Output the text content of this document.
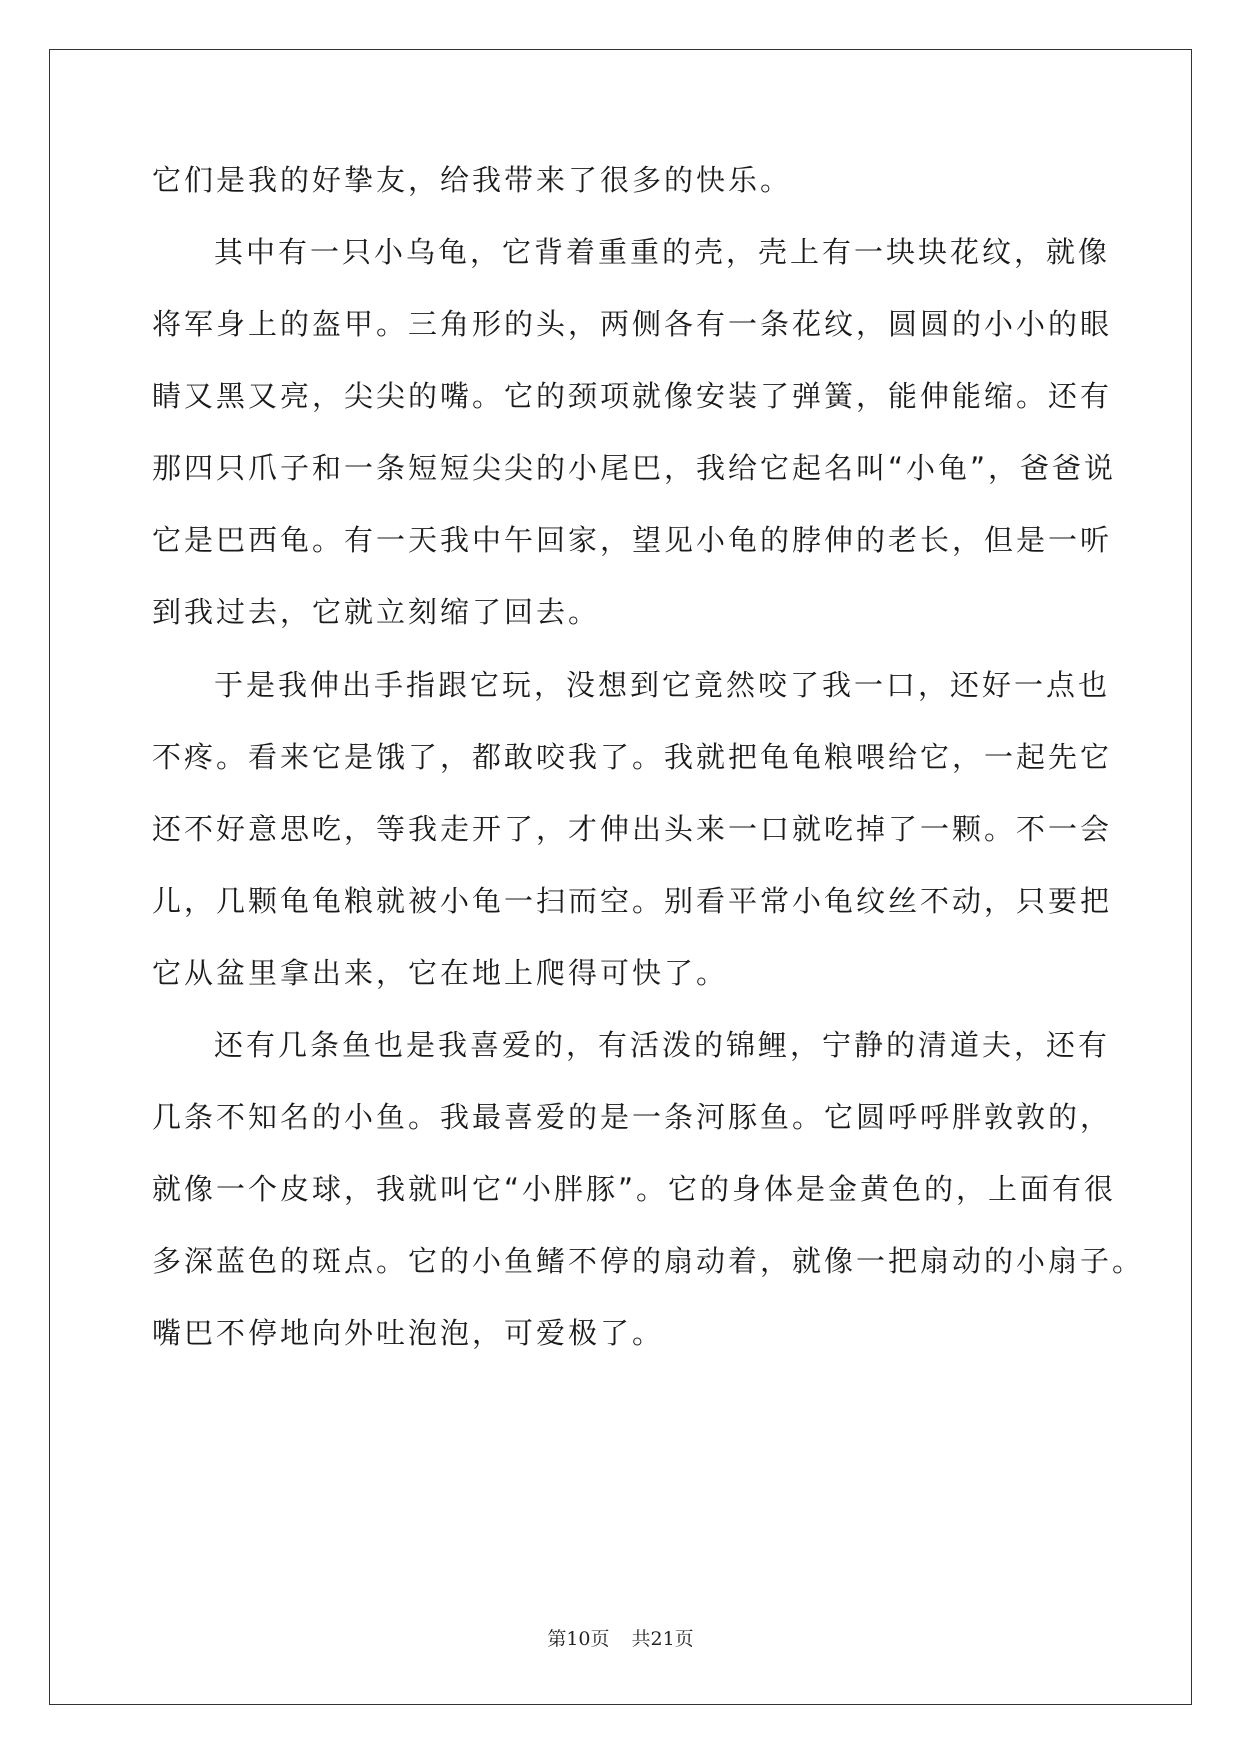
它们是我的好挚友，给我带来了很多的快乐。
其中有一只小乌龟，它背着重重的壳，壳上有一块块花纹，就像
将军身上的盔甲。三角形的头，两侧各有一条花纹，圆圆的小小的眼
睛又黑又亮，尖尖的嘴。它的颈项就像安装了弹簧，能伸能缩。还有
那四只爪子和一条短短尖尖的小尾巴，我给它起名叫“小龟”，爸爸说
它是巴西龟。有一天我中午回家，望见小龟的脖伸的老长，但是一听
到我过去，它就立刻缩了回去。
于是我伸出手指跟它玩，没想到它竟然咬了我一口，还好一点也
不疼。看来它是饿了，都敢咬我了。我就把龟龟粮喂给它，一起先它
还不好意思吃，等我走开了，才伸出头来一口就吃掉了一颗。不一会
儿，几颗龟龟粮就被小龟一扫而空。别看平常小龟纹丝不动，只要把
它从盆里拿出来，它在地上爬得可快了。
还有几条鱼也是我喜爱的，有活泼的锦鲤，宁静的清道夫，还有
几条不知名的小鱼。我最喜爱的是一条河豚鱼。它圆呼呼胖敦敦的，
就像一个皮球，我就叫它“小胖豚”。它的身体是金黄色的，上面有很
多深蓝色的斑点。它的小鱼鳍不停的扇动着，就像一把扇动的小扇子。
嘴巴不停地向外吐泡泡，可爱极了。
第10页 共21页
